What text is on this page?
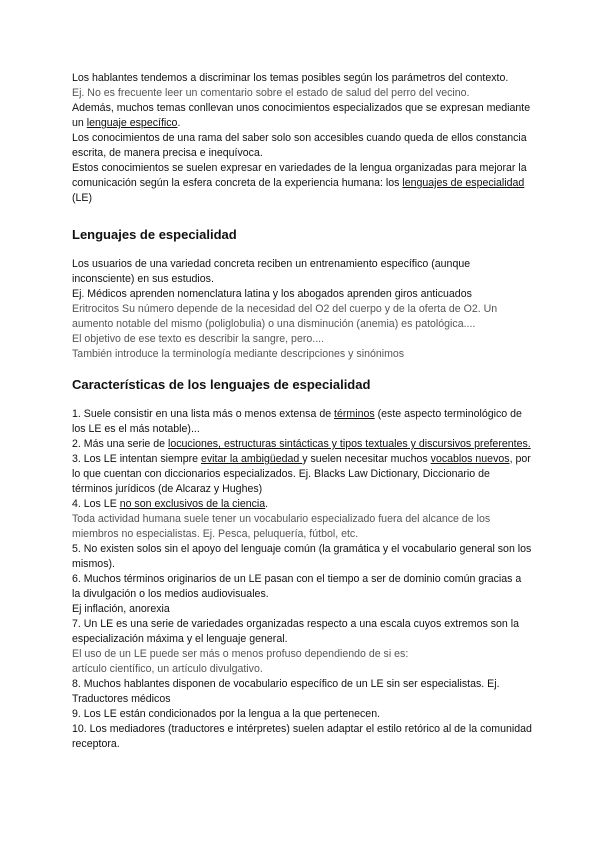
Los hablantes tendemos a discriminar los temas posibles según los parámetros del contexto.

Ej. No es frecuente leer un comentario sobre el estado de salud del perro del vecino.

Además, muchos temas conllevan unos conocimientos especializados que se expresan mediante un lenguaje específico.

Los conocimientos de una rama del saber solo son accesibles cuando queda de ellos constancia escrita, de manera precisa e inequívoca.

Estos conocimientos se suelen expresar en variedades de la lengua organizadas para mejorar la comunicación según la esfera concreta de la experiencia humana: los lenguajes de especialidad (LE)

Lenguajes de especialidad

Los usuarios de una variedad concreta reciben un entrenamiento específico (aunque inconsciente) en sus estudios.

Ej. Médicos aprenden nomenclatura latina y los abogados aprenden giros anticuados

Eritrocitos Su número depende de la necesidad del O2 del cuerpo y de la oferta de O2. Un aumento notable del mismo (poliglobulia) o una disminución (anemia) es patológica....

El objetivo de ese texto es describir la sangre, pero....

También introduce la terminología mediante descripciones y sinónimos

Características de los lenguajes de especialidad

1. Suele consistir en una lista más o menos extensa de términos (este aspecto terminológico de los LE es el más notable)...

2. Más una serie de locuciones, estructuras sintácticas y tipos textuales y discursivos preferentes.

3. Los LE intentan siempre evitar la ambigüedad y suelen necesitar muchos vocablos nuevos, por lo que cuentan con diccionarios especializados. Ej. Blacks Law Dictionary, Diccionario de términos jurídicos (de Alcaraz y Hughes)

4. Los LE no son exclusivos de la ciencia.

Toda actividad humana suele tener un vocabulario especializado fuera del alcance de los miembros no especialistas. Ej. Pesca, peluquería, fútbol, etc.

5. No existen solos sin el apoyo del lenguaje común (la gramática y el vocabulario general son los mismos).

6. Muchos términos originarios de un LE pasan con el tiempo a ser de dominio común gracias a la divulgación o los medios audiovisuales.

Ej inflación, anorexia

7. Un LE es una serie de variedades organizadas respecto a una escala cuyos extremos son la especialización máxima y el lenguaje general.

El uso de un LE puede ser más o menos profuso dependiendo de si es:

artículo científico, un artículo divulgativo.

8. Muchos hablantes disponen de vocabulario específico de un LE sin ser especialistas. Ej. Traductores médicos

9. Los LE están condicionados por la lengua a la que pertenecen.

10. Los mediadores (traductores e intérpretes) suelen adaptar el estilo retórico al de la comunidad receptora.
